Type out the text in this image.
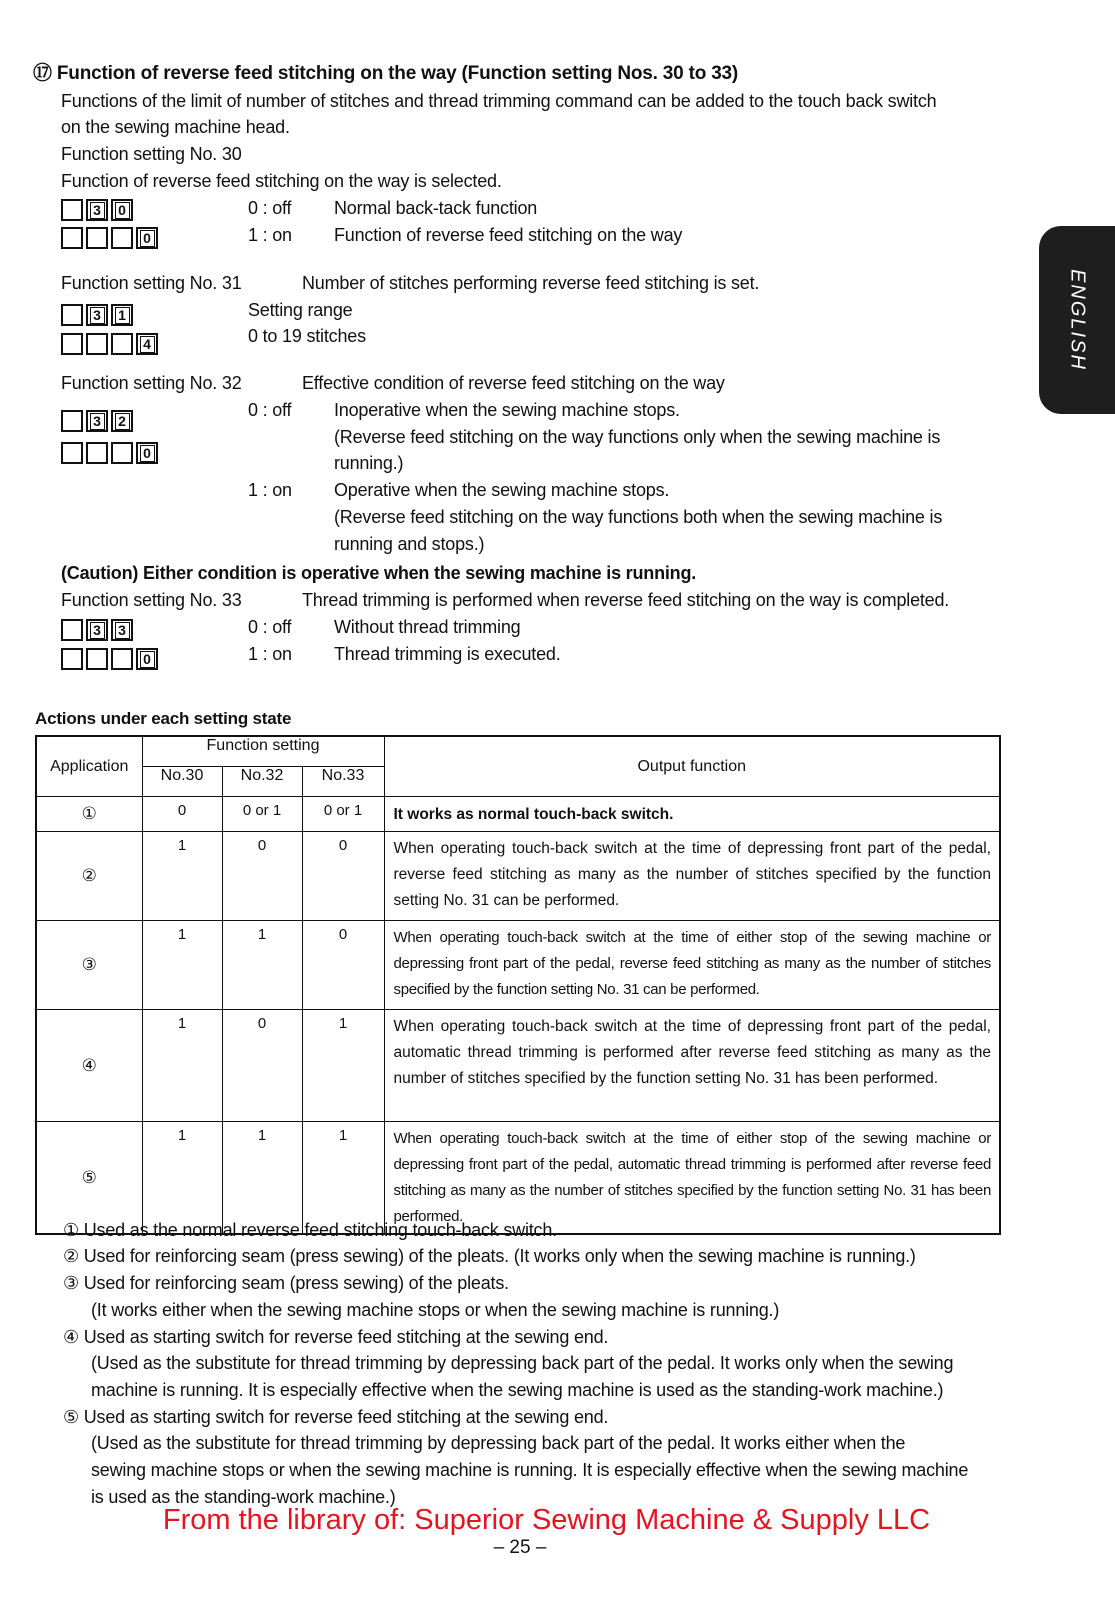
ENGLISH
⑰ Function of reverse feed stitching on the way (Function setting Nos. 30 to 33)
Functions of the limit of number of stitches and thread trimming command can be added to the touch back switch
on the sewing machine head.
Function setting No. 30
Function of reverse feed stitching on the way is selected.
3 0
0
0 : off Normal back-tack function
1 : on Function of reverse feed stitching on the way
Function setting No. 31	Number of stitches performing reverse feed stitching is set.
3 1
4
Setting range
0 to 19 stitches
Function setting No. 32	Effective condition of reverse feed stitching on the way
3 2
0
0 : off Inoperative when the sewing machine stops.
(Reverse feed stitching on the way functions only when the sewing machine is
running.)
1 : on Operative when the sewing machine stops.
(Reverse feed stitching on the way functions both when the sewing machine is
running and stops.)
(Caution) Either condition is operative when the sewing machine is running.
Function setting No. 33	Thread trimming is performed when reverse feed stitching on the way is completed.
3 3
0
0 : off Without thread trimming
1 : on Thread trimming is executed.
Actions under each setting state
Application	Function setting			Output function
	No.30	No.32	No.33	
①	0	0 or 1	0 or 1	It works as normal touch-back switch.
②	1	0	0	When operating touch-back switch at the time of depressing front part of the pedal, reverse feed stitching as many as the number of stitches specified by the function setting No. 31 can be performed.
③	1	1	0	When operating touch-back switch at the time of either stop of the sewing machine or depressing front part of the pedal, reverse feed stitching as many as the number of stitches specified by the function setting No. 31 can be performed.
④	1	0	1	When operating touch-back switch at the time of depressing front part of the pedal, automatic thread trimming is performed after reverse feed stitching as many as the number of stitches specified by the function setting No. 31 has been performed.
⑤	1	1	1	When operating touch-back switch at the time of either stop of the sewing machine or depressing front part of the pedal, automatic thread trimming is performed after reverse feed stitching as many as the number of stitches specified by the function setting No. 31 has been performed.
① Used as the normal reverse feed stitching touch-back switch.
② Used for reinforcing seam (press sewing) of the pleats. (It works only when the sewing machine is running.)
③ Used for reinforcing seam (press sewing) of the pleats.
(It works either when the sewing machine stops or when the sewing machine is running.)
④ Used as starting switch for reverse feed stitching at the sewing end.
(Used as the substitute for thread trimming by depressing back part of the pedal. It works only when the sewing
machine is running. It is especially effective when the sewing machine is used as the standing-work machine.)
⑤ Used as starting switch for reverse feed stitching at the sewing end.
(Used as the substitute for thread trimming by depressing back part of the pedal. It works either when the
sewing machine stops or when the sewing machine is running. It is especially effective when the sewing machine
is used as the standing-work machine.)
From the library of: Superior Sewing Machine & Supply LLC
– 25 –
